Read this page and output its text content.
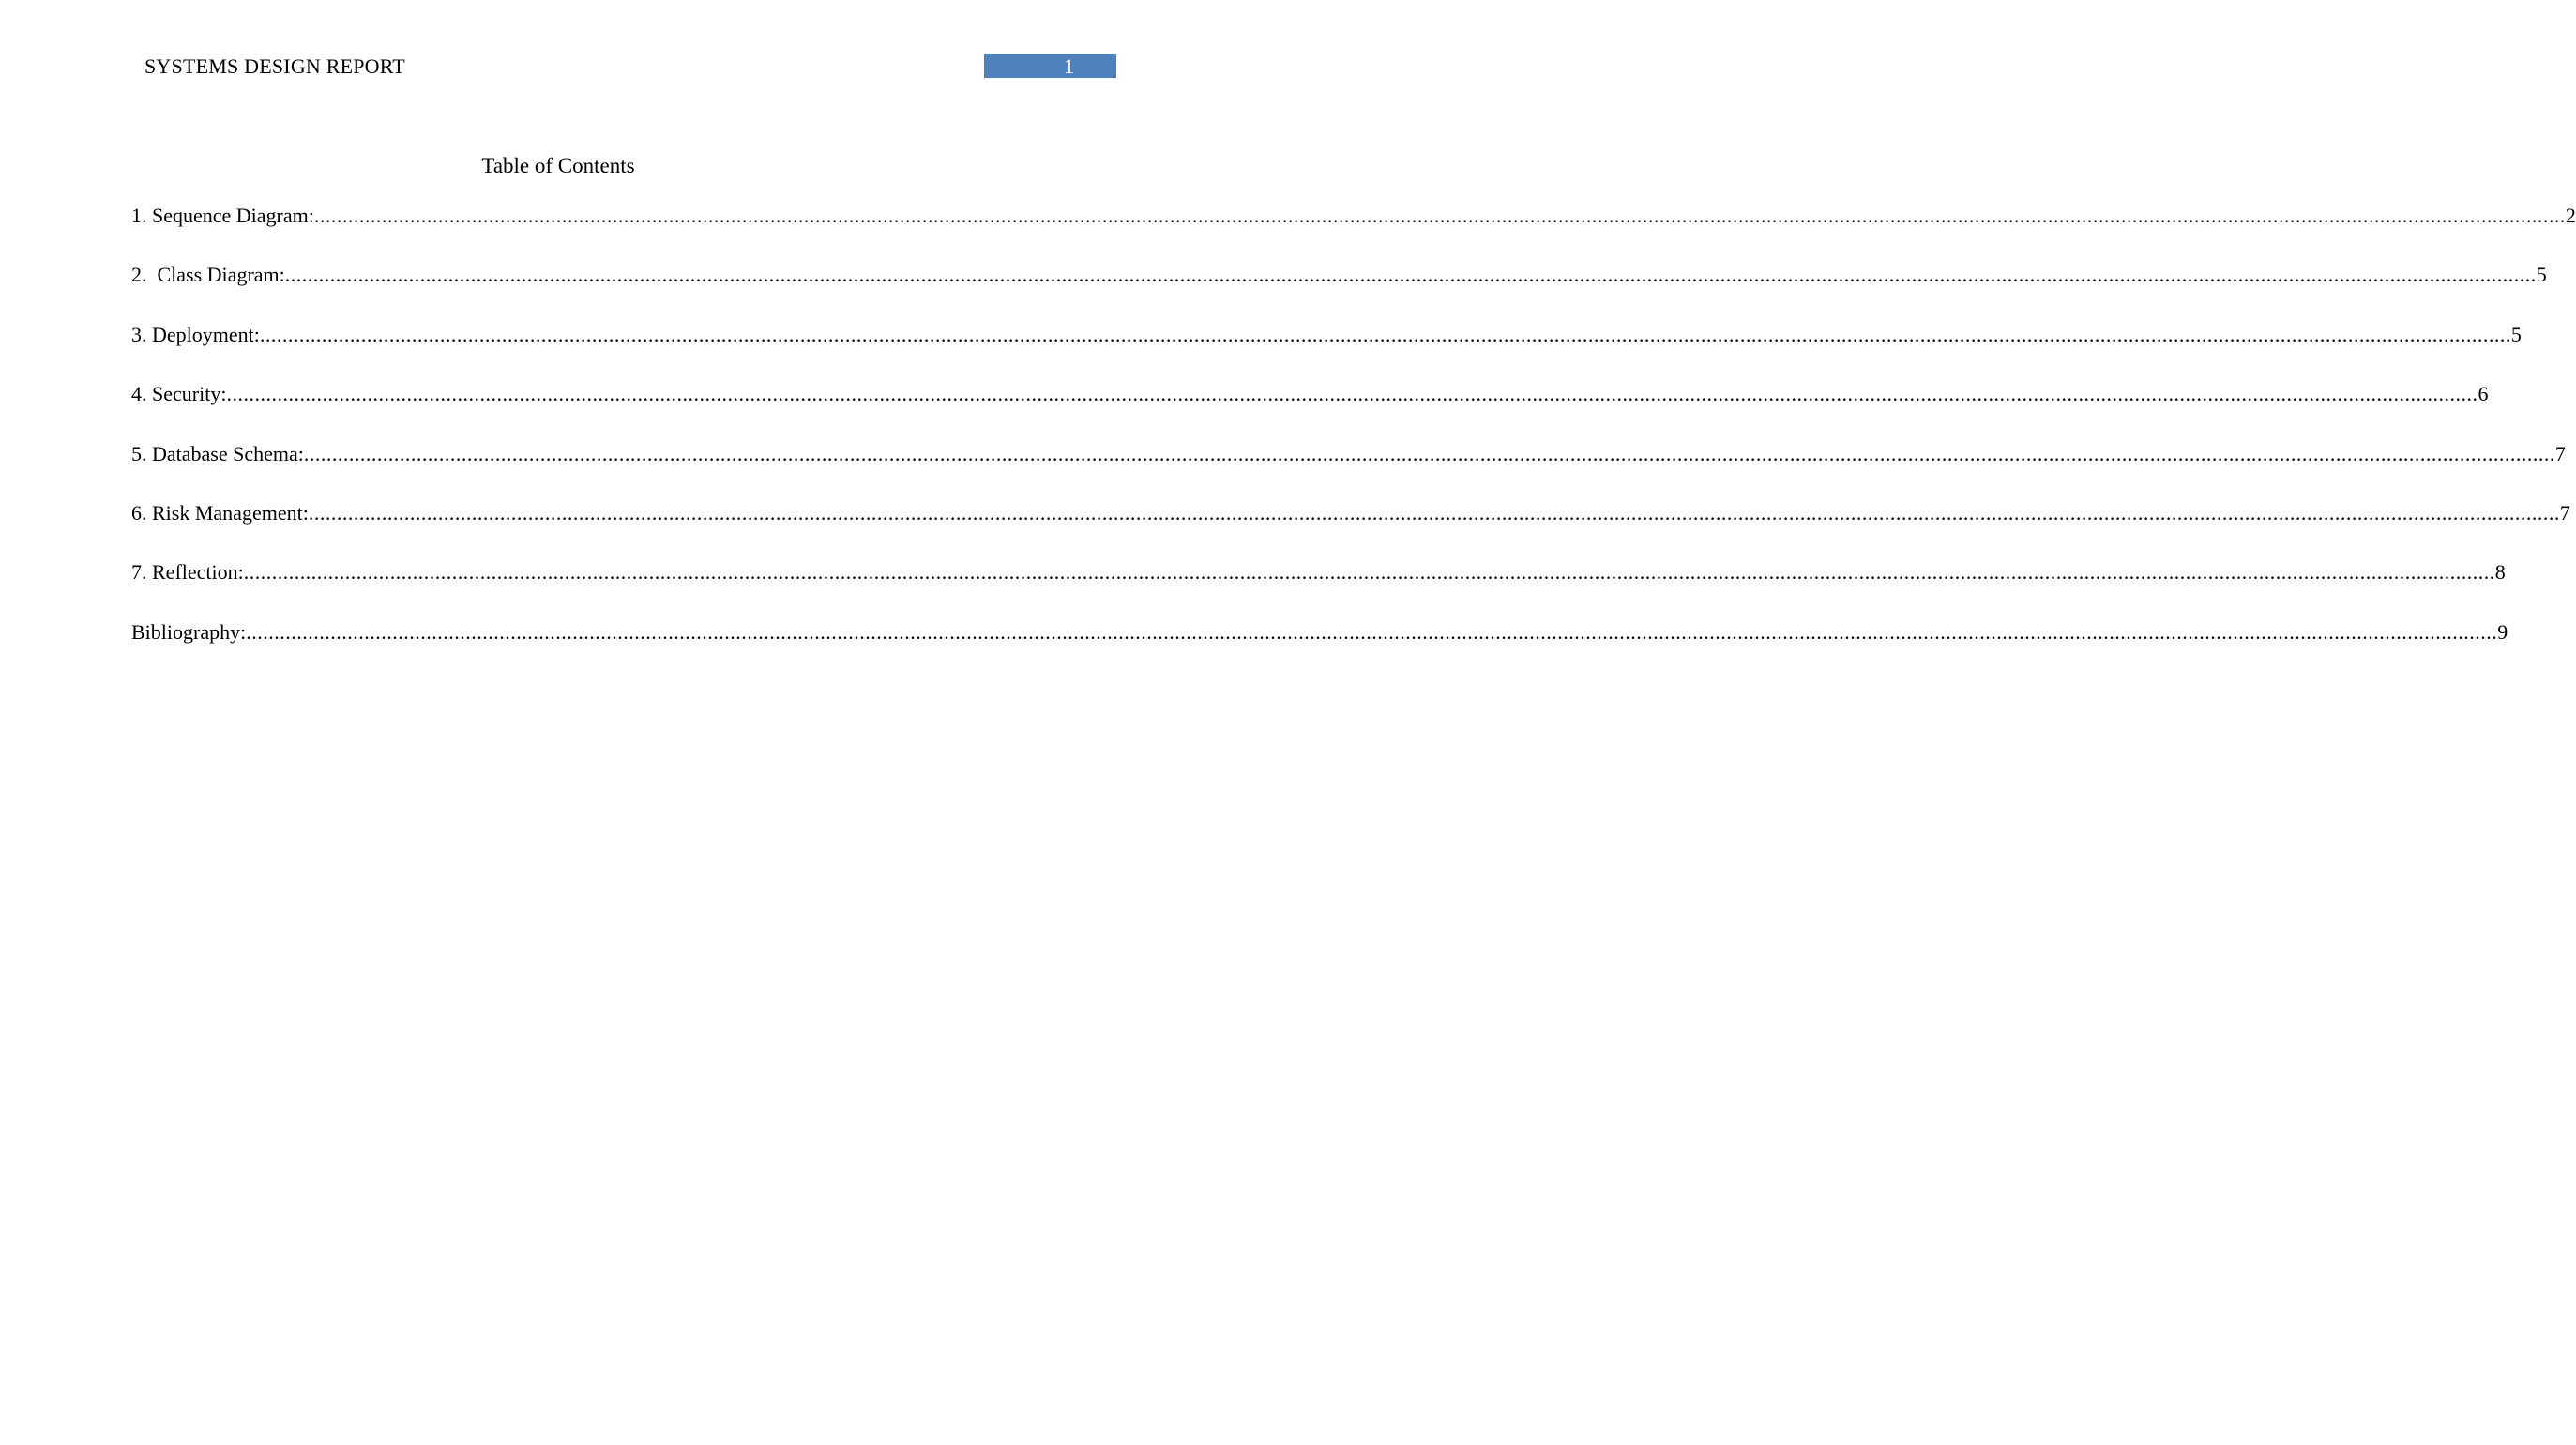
SYSTEMS DESIGN REPORT	1
Table of Contents
1. Sequence Diagram: ................................................................................................................................................................................................................................................................................................................................................................................................................ 2
2.  Class Diagram: ................................................................................................................................................................................................................................................................................................................................................................................................................ 5
3. Deployment: ................................................................................................................................................................................................................................................................................................................................................................................................................ 5
4. Security: ................................................................................................................................................................................................................................................................................................................................................................................................................ 6
5. Database Schema: ................................................................................................................................................................................................................................................................................................................................................................................................................ 7
6. Risk Management: ................................................................................................................................................................................................................................................................................................................................................................................................................ 7
7. Reflection: ................................................................................................................................................................................................................................................................................................................................................................................................................ 8
Bibliography: ................................................................................................................................................................................................................................................................................................................................................................................................................ 9
